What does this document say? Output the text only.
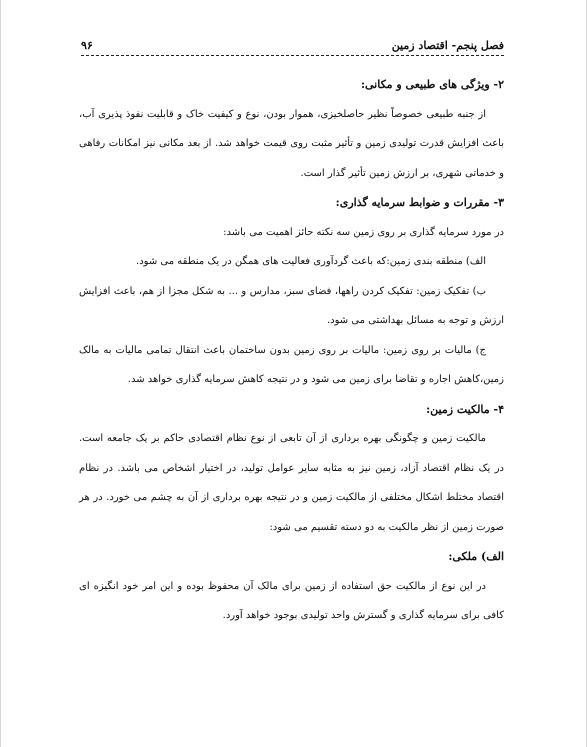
فصل پنجم- اقتصاد زمین
۹۶

۲- ویژگی های طبیعی و مکانی:

از جنبه طبیعی خصوصاً نظیر حاصلخیزی، هموار بودن، نوع و کیفیت خاک و قابلیت نفوذ پذیری آب، باعث افزایش قدرت تولیدی زمین و تأثیر مثبت روی قیمت خواهد شد. از بعد مکانی نیز امکانات رفاهی و خدماتی شهری، بر ارزش زمین تأثیر گذار است.

۳- مقررات و ضوابط سرمایه گذاری:

در مورد سرمایه گذاری بر روی زمین سه نکته حائز اهمیت می باشد:

الف) منطقه بندی زمین:که باعث گردآوری فعالیت های همگن در یک منطقه می شود.

ب) تفکیک زمین: تفکیک کردن راهها، فضای سبز، مدارس و ... به شکل مجزا از هم، باعث افزایش ارزش و توجه به مسائل بهداشتی می شود.

ج) مالیات بر روی زمین: مالیات بر روی زمین بدون ساختمان باعث انتقال تمامی مالیات به مالک زمین،کاهش اجاره و تقاضا برای زمین می شود و در نتیجه کاهش سرمایه گذاری خواهد شد.

۴- مالکیت زمین:

مالکیت زمین و چگونگی بهره برداری از آن تابعی از نوع نظام اقتصادی حاکم بر یک جامعه است. در یک نظام اقتصاد آزاد، زمین نیز به مثابه سایر عوامل تولید، در اختیار اشخاص می باشد. در نظام اقتصاد مختلط اشکال مختلفی از مالکیت زمین و در نتیجه بهره برداری از آن به چشم می خورد. در هر صورت زمین از نظر مالکیت به دو دسته تقسیم می شود:

الف) ملکی:

در این نوع از مالکیت حق استفاده از زمین برای مالک آن محفوظ بوده و این امر خود انگیزه ای کافی برای سرمایه گذاری و گسترش واحد تولیدی بوجود خواهد آورد.
